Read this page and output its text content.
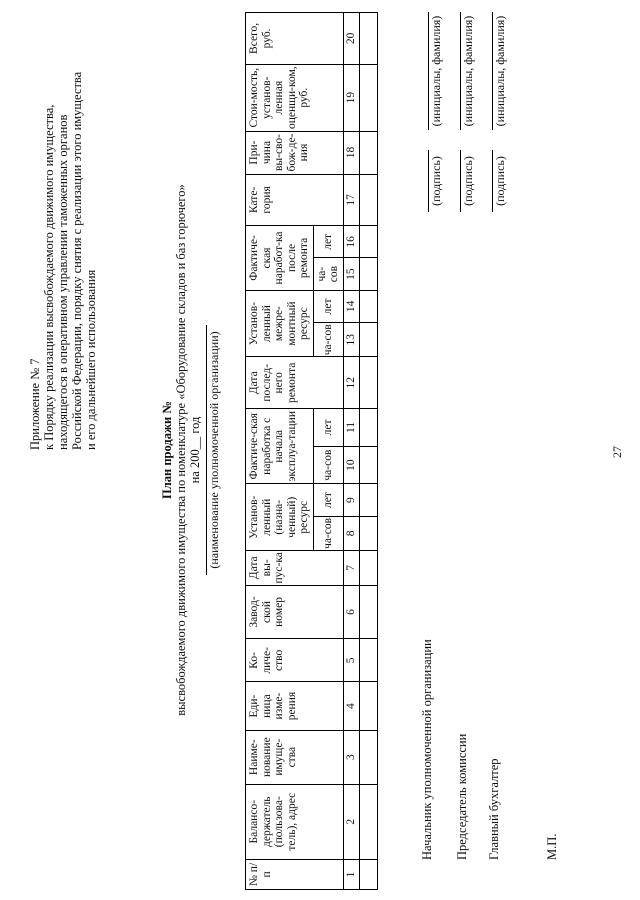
27
Приложение № 7 к Порядку реализации высвобождаемого движимого имущества, находящегося в оперативном управлении таможенных органов Российской Федерации, порядку снятия с реализации этого имущества и его дальнейшего использования
План продажи № высвобождаемого движимого имущества по номенклатуре «Оборудование складов и баз горючего» на 200__ год (наименование уполномоченной организации)
№ п/п	Балансо-держатель (пользова-тель), адрес	Наиме-нование имуще-ства	Еди-ница изме-рения	Ко-личе-ство	Завод-ской номер	Дата вы-пус-ка	Установ-ленный (назна-ченный) ресурс		Фактиче-ская наработка с начала эксплуа-тации		Дата послед-него ремонта	Установ-ленный межре-монтный ресурс		Фактиче-ская наработ-ка после ремонта		Кате-гория	При-чина вы-сво-бож-де-ния	Стои-мость, установ-ленная оценщи-ком, руб.	Всего, руб.
							ча-сов	лет	ча-сов	лет		ча-сов	лет	ча-сов	лет				
1	2	3	4	5	6	7	8	9	10	11	12	13	14	15	16	17	18	19	20

Начальник уполномоченной организации Председатель комиссии Главный бухгалтер
(подпись)
(инициалы, фамилия)
(подпись)
(инициалы, фамилия)
(подпись)
(инициалы, фамилия)
М.П.
